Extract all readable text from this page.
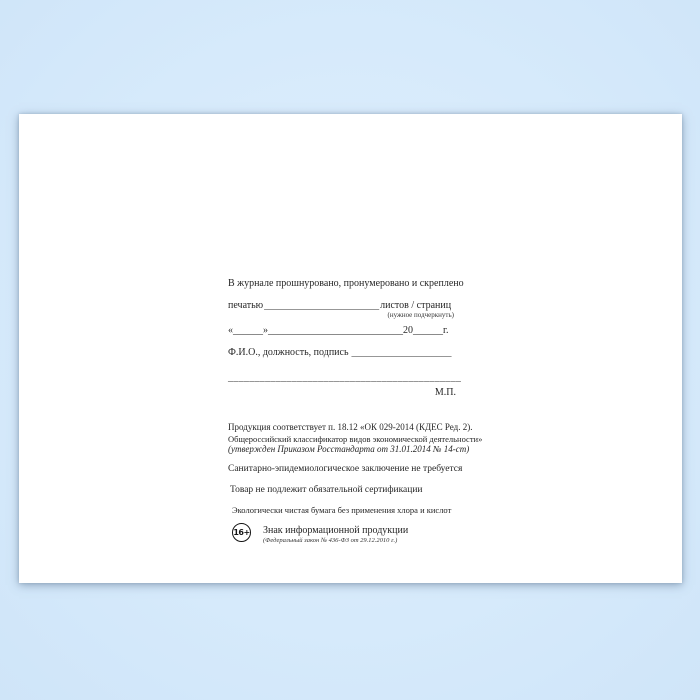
В журнале прошнуровано, пронумеровано и скреплено
печатью _______________________ листов / страниц
(нужное подчеркнуть)
«______»___________________________20______г.
Ф.И.О., должность, подпись ____________________
____________________________________________
М.П.
Продукция соответствует п. 18.12 «ОК 029-2014 (КДЕС Ред. 2).
Общероссийский классификатор видов экономической деятельности»
(утвержден Приказом Росстандарта от 31.01.2014 № 14-ст)
Санитарно-эпидемиологическое заключение не требуется
Товар не подлежит обязательной сертификации
Экологически чистая бумага без применения хлора и кислот
16+ Знак информационной продукции
(Федеральный закон № 436-ФЗ от 29.12.2010 г.)
